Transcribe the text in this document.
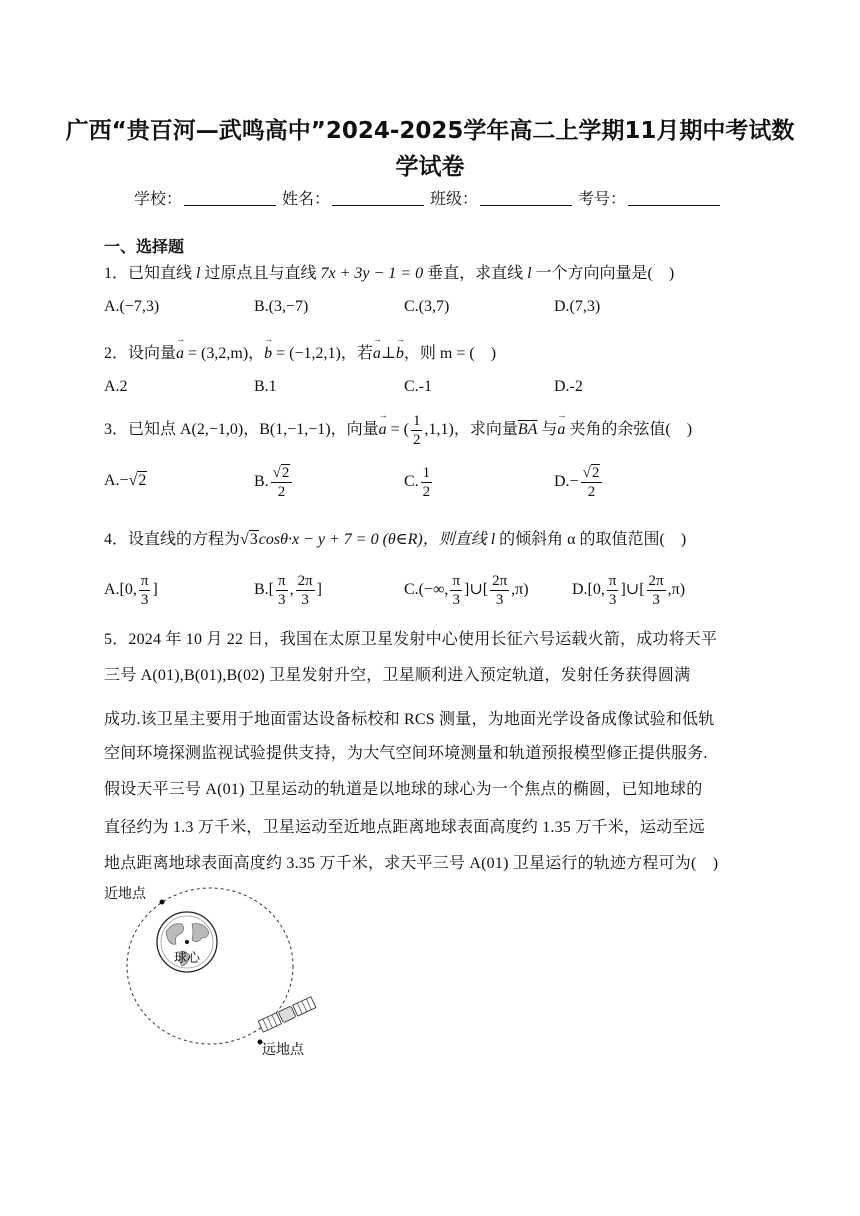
广西“贵百河—武鸣高中”2024-2025学年高二上学期11月期中考试数
学试卷
学校：	姓名：	班级：	考号：
一、选择题
1．已知直线 l 过原点且与直线 7x + 3y − 1 = 0 垂直，求直线 l 一个方向向量是(　)
A.(−7,3)	B.(3,−7)	C.(3,7)	D.(7,3)
2．设向量→ a = (3,2,m)，→ b = (−1,2,1)，若→ a⊥→ b，则 m = (　)
A.2	B.1	C.-1	D.-2
3．已知点 A(2,−1,0)，B(1,−1,−1)，向量→ a = ( $\frac{1}{2} ,1,1$)，求向量$\overline{BA}$ 与→ a 夹角的余弦值(　)
A.−√2	B. $\frac{√2}{2}$	C. $\frac{1}{2}$	$D.- \frac{√2}{2}$
4．设直线的方程为√3cosθ·x − y + 7 = 0 (θ∈R)，则直线 l 的倾斜角 α 的取值范围(　)
A.[0, $\frac{\pi}{3}$ ]	$B.[ \frac{\pi}{3}$ , $\frac{2\pi}{3}$ ]	C.(−∞, $\frac{\pi}{3}$ ]∪[ $\frac{2\pi}{3} ,\pi$)	D.[0, $\frac{\pi}{3}$ ]∪[ $\frac{2\pi}{3} ,\pi$)
5．2024 年 10 月 22 日，我国在太原卫星发射中心使用长征六号运载火箭，成功将天平
三号 A(01),B(01),B(02) 卫星发射升空，卫星顺利进入预定轨道，发射任务获得圆满
成功.该卫星主要用于地面雷达设备标校和 RCS 测量，为地面光学设备成像试验和低轨
空间环境探测监视试验提供支持，为大气空间环境测量和轨道预报模型修正提供服务.
假设天平三号 A(01) 卫星运动的轨道是以地球的球心为一个焦点的椭圆，已知地球的
直径约为 1.3 万千米，卫星运动至近地点距离地球表面高度约 1.35 万千米，运动至远
地点距离地球表面高度约 3.35 万千米，求天平三号 A(01) 卫星运行的轨迹方程可为(　)
近地点
球心
远地点
